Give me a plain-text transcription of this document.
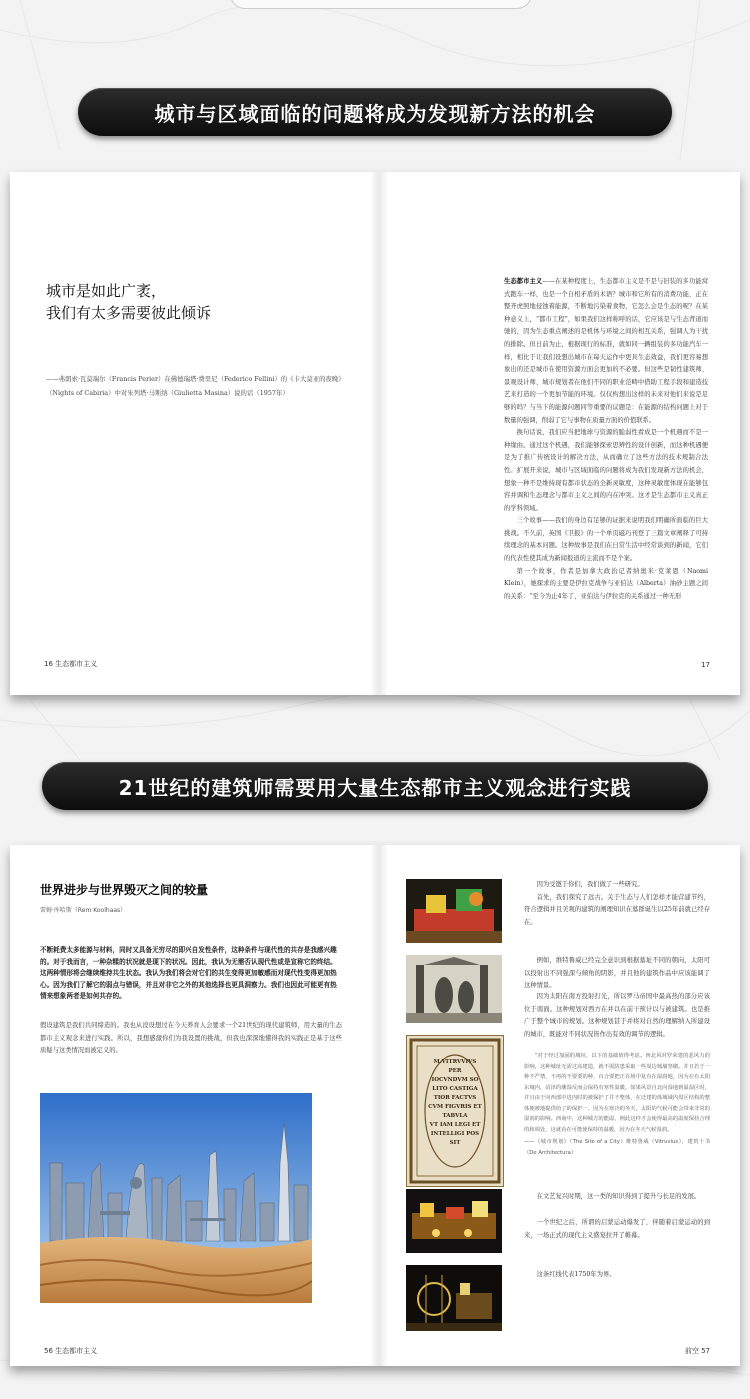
城市与区域面临的问题将成为发现新方法的机会
城市是如此广袤，
我们有太多需要彼此倾诉
——弗朗索·瓦莫瑞尔（Francis Perier）在佛德瑞塔·费里尼（Federico Fellini）的《卡大莫亚的夜晚》（Nights of Cabiria）中对朱列塔·马斯纳（Giulietta Masina）说的话（1957年）
16 生态都市主义

生态都市主义——在某种程度上，生态都市主义是不是与旧装的多功能窝式跑车一样，也是一个自相矛盾的术语？城市和它所有的消费功能，正在整齐虎照地侵蚀着能源，不断地污染着食物，它怎么会是生态的呢？在某种意义上，“都市工程”，如果我们这样称呼的话，它应该是与生态背道而驰的，因为生态重点阐述的是机体与环境之间的相互关系，强调人为干扰的排除。但日前为止，根据现行的标准，就如同一辆组装的多功能汽车一样，相比于让我们设想出城市在每天运作中更具生态效益，我们更容易想象出的还是城市在使用资源方面会更加的不必要。但这些是韧性建筑师、景观设计师、城市规划者在他们不同的职业范畴中借助工程手段和建造技艺来打造的一个更加节能的环境。仅仅构想出这样的未来对他们来说是足够的吗？与当下的能源问题同等重要的议题是：在能源的结构问题上对于数量的强调，削弱了它与事物在质量方面的价值联系。

换句话说，我们应当把地球与资源的脆弱性看成是一个机遇而不是一种缘由。通过这个机遇，我们能够探索思辨性的设计创新，而这种机遇便是为了推广传统设计的解决方法，从而确立了这些方法的技术规制合法性。扩展开来说，城市与区域面临的问题将成为我们发现新方法的机会，想象一种不是维持现有都市状态的全新灵敏度，这种灵敏度体现在能够包容并调和生态理念与都市主义之间的内在冲突。这才是生态都市主义真正的学科领域。

三个故事——我们的身边有足够的证据来说明我们明确所面临的巨大挑战。不久前，英国《卫报》的一个单页磁巧刊登了三篇文章阐释了可持续理念的基本问题。这种故事是我们在日常生活中经常谈到的新闻，它们的代表性使其成为新闻报道的主流而不是个案。

第一个故事，作者是加拿大政治记者纳奥米·克莱恩（Naomi Klein），她探求的主要是伊拉克战争与亚伯达（Alberta）油砂主题之间的关系：“至今为止4年了，亚伯达与伊拉克的关系通过一种无形

17
21世纪的建筑师需要用大量生态都市主义观念进行实践
世界进步与世界毁灭之间的较量
雷姆·库哈斯（Rem Koolhaas）
不断耗费太多能源与材料，同时又具备无穷尽的即兴自发性条件，这种条件与现代性的共存是我感兴趣的。对于我而言，一种杂糅的状况就是现下的状况。因此，我认为无需否认现代性或是宣称它的终结。这两种情形将会继续维持共生状态。我认为我们将会对它们的共生变得更加敏感而对现代性变得更加热心。因为我们了解它的弱点与错误，并且对非它之外的其他选择也更具洞察力。我们也因此可能更有热情来想象两者是如何共存的。
假设建筑是我们共同缔造的。我也从没设想过在今天养育人会要求一个21世纪的现代建筑师，用大量的生态都市主义观念来进行实践。所以，我想感激你们为我设置的挑战，但我也深深地懂得我的实践正是基于这些质疑与这类情况而被定义的。
56 生态都市主义
M.VITRVVIVS
PER
IOCVNDVM SO
LITO CASTIGA
TIOR FACTVS
CVM FIGVRIS ET
TABVLA
VT IAM LEGI ET
INTELLIGI POS
SIT

因为受邀于你们，我们做了一些研究。

首先，我们探究了远古。关于生态与人们怎样才能营建节约，符合逻辑并且美观的建筑的阐理知识在墓群诞生以25年前就已经存在。

例如，维特鲁威已经完全意识到根据墓址不同的朝向，太阳可以投射出不同强深与倾角的阴影，并且他的建筑作品中应该能调了这种情景。

因为太阳在南方投射打光，所以罗马帝国中最高热的部分应该位于南面。这种规划对西方在并以在前干预计以与被建筑。也是推广于整个城市的规划。这种规划甚于并将对自然的理解纳入所建设的城市，既能对不同状况皆作出有效的调节的逻辑。

“对于经过加固的城垣，以下的基础值得考虑。西北风对罗荣建的恶风力的影响，这种城址无需过高建造，就不需防患采取一些周边城墙坚砌。并且若于一种不严禁，不再的不要要的种，百合要把正在场中复有在湿润地，因为在有太阳东城内，沼泽的潮湿反而会保持有寒性温暖。如果风景自北向湿地到温湿区时，并且由于向西部中进内时的被保护了并不整体，在迁建的体城域内周区结构的整体便被地提供给了的保护一，因为在寒冷的冬天，太阳的气候可能会带来非常的湿润的影响。西南中，这种城方的能温，例此这样才会使得最高的温度保持合理的和调处，这就看在可能使保持的温暖，因为在冬天气候湿润。

——《城市规划》（The Site of a City）维特鲁威（Vitruvius），建筑十书（De Architectura）

在文艺复兴时期，这一类的知识得到了提升与长足的发展。

一个世纪之后，所谓的启蒙运动爆发了，伴随着启蒙运动的到来，一场正式的现代主义盛宴拉开了帷幕。

这条红线代表1750年为界。

前空 57
